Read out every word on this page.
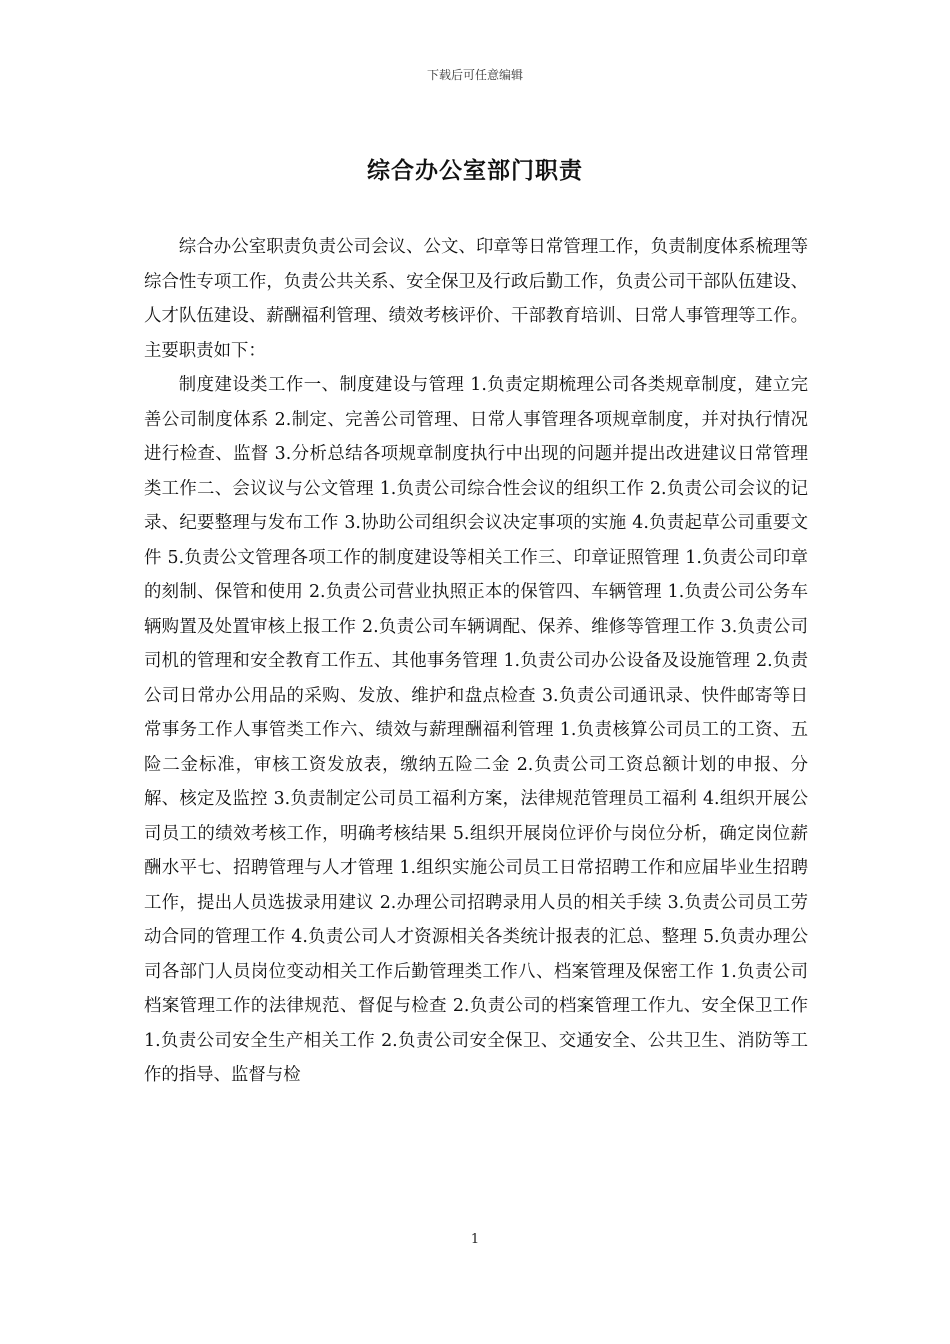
下载后可任意编辑
综合办公室部门职责

综合办公室职责负责公司会议、公文、印章等日常管理工作，负责制度体系梳理等综合性专项工作，负责公共关系、安全保卫及行政后勤工作，负责公司干部队伍建设、人才队伍建设、薪酬福利管理、绩效考核评价、干部教育培训、日常人事管理等工作。主要职责如下：

制度建设类工作一、制度建设与管理 1.负责定期梳理公司各类规章制度，建立完善公司制度体系 2.制定、完善公司管理、日常人事管理各项规章制度，并对执行情况进行检查、监督 3.分析总结各项规章制度执行中出现的问题并提出改进建议日常管理类工作二、会议议与公文管理 1.负责公司综合性会议的组织工作 2.负责公司会议的记录、纪要整理与发布工作 3.协助公司组织会议决定事项的实施 4.负责起草公司重要文件 5.负责公文管理各项工作的制度建设等相关工作三、印章证照管理 1.负责公司印章的刻制、保管和使用 2.负责公司营业执照正本的保管四、车辆管理 1.负责公司公务车辆购置及处置审核上报工作 2.负责公司车辆调配、保养、维修等管理工作 3.负责公司司机的管理和安全教育工作五、其他事务管理 1.负责公司办公设备及设施管理 2.负责公司日常办公用品的采购、发放、维护和盘点检查 3.负责公司通讯录、快件邮寄等日常事务工作人事管类工作六、绩效与薪理酬福利管理 1.负责核算公司员工的工资、五险二金标准，审核工资发放表，缴纳五险二金 2.负责公司工资总额计划的申报、分解、核定及监控 3.负责制定公司员工福利方案，法律规范管理员工福利 4.组织开展公司员工的绩效考核工作，明确考核结果 5.组织开展岗位评价与岗位分析，确定岗位薪酬水平七、招聘管理与人才管理 1.组织实施公司员工日常招聘工作和应届毕业生招聘工作，提出人员选拔录用建议 2.办理公司招聘录用人员的相关手续 3.负责公司员工劳动合同的管理工作 4.负责公司人才资源相关各类统计报表的汇总、整理 5.负责办理公司各部门人员岗位变动相关工作后勤管理类工作八、档案管理及保密工作 1.负责公司档案管理工作的法律规范、督促与检查 2.负责公司的档案管理工作九、安全保卫工作 1.负责公司安全生产相关工作 2.负责公司安全保卫、交通安全、公共卫生、消防等工作的指导、监督与检

1
